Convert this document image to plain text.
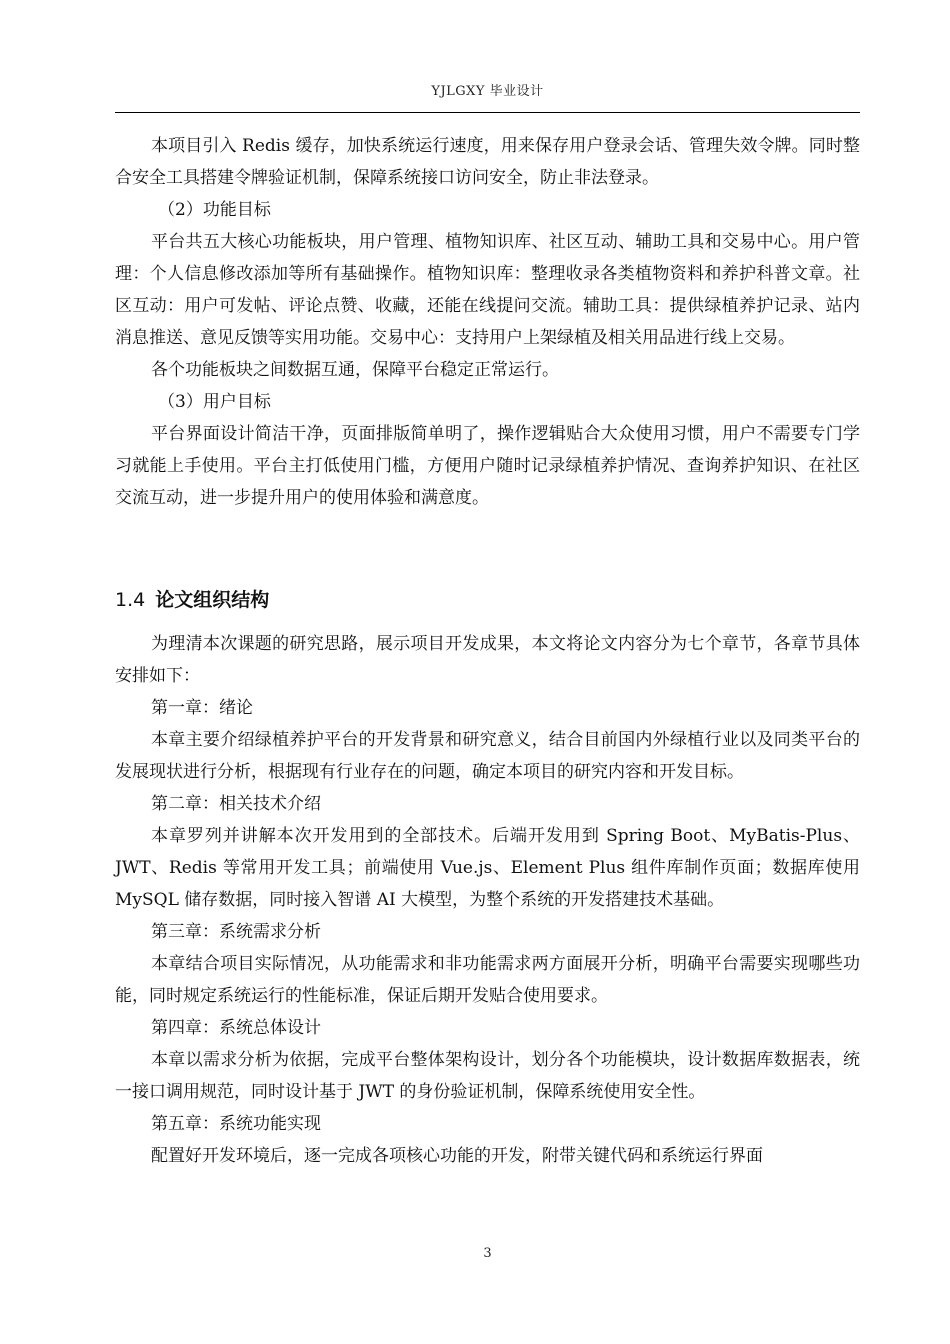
YJLGXY 毕业设计

本项目引入 Redis 缓存，加快系统运行速度，用来保存用户登录会话、管理失效令牌。同时整合安全工具搭建令牌验证机制，保障系统接口访问安全，防止非法登录。

（2）功能目标

平台共五大核心功能板块，用户管理、植物知识库、社区互动、辅助工具和交易中心。用户管理：个人信息修改添加等所有基础操作。植物知识库：整理收录各类植物资料和养护科普文章。社区互动：用户可发帖、评论点赞、收藏，还能在线提问交流。辅助工具：提供绿植养护记录、站内消息推送、意见反馈等实用功能。交易中心：支持用户上架绿植及相关用品进行线上交易。

各个功能板块之间数据互通，保障平台稳定正常运行。

（3）用户目标

平台界面设计简洁干净，页面排版简单明了，操作逻辑贴合大众使用习惯，用户不需要专门学习就能上手使用。平台主打低使用门槛，方便用户随时记录绿植养护情况、查询养护知识、在社区交流互动，进一步提升用户的使用体验和满意度。

1.4 论文组织结构

为理清本次课题的研究思路，展示项目开发成果，本文将论文内容分为七个章节，各章节具体安排如下：

第一章：绪论

本章主要介绍绿植养护平台的开发背景和研究意义，结合目前国内外绿植行业以及同类平台的发展现状进行分析，根据现有行业存在的问题，确定本项目的研究内容和开发目标。

第二章：相关技术介绍

本章罗列并讲解本次开发用到的全部技术。后端开发用到 Spring Boot、MyBatis-Plus、JWT、Redis 等常用开发工具；前端使用 Vue.js、Element Plus 组件库制作页面；数据库使用 MySQL 储存数据，同时接入智谱 AI 大模型，为整个系统的开发搭建技术基础。

第三章：系统需求分析

本章结合项目实际情况，从功能需求和非功能需求两方面展开分析，明确平台需要实现哪些功能，同时规定系统运行的性能标准，保证后期开发贴合使用要求。

第四章：系统总体设计

本章以需求分析为依据，完成平台整体架构设计，划分各个功能模块，设计数据库数据表，统一接口调用规范，同时设计基于 JWT 的身份验证机制，保障系统使用安全性。

第五章：系统功能实现

配置好开发环境后，逐一完成各项核心功能的开发，附带关键代码和系统运行界面

3
